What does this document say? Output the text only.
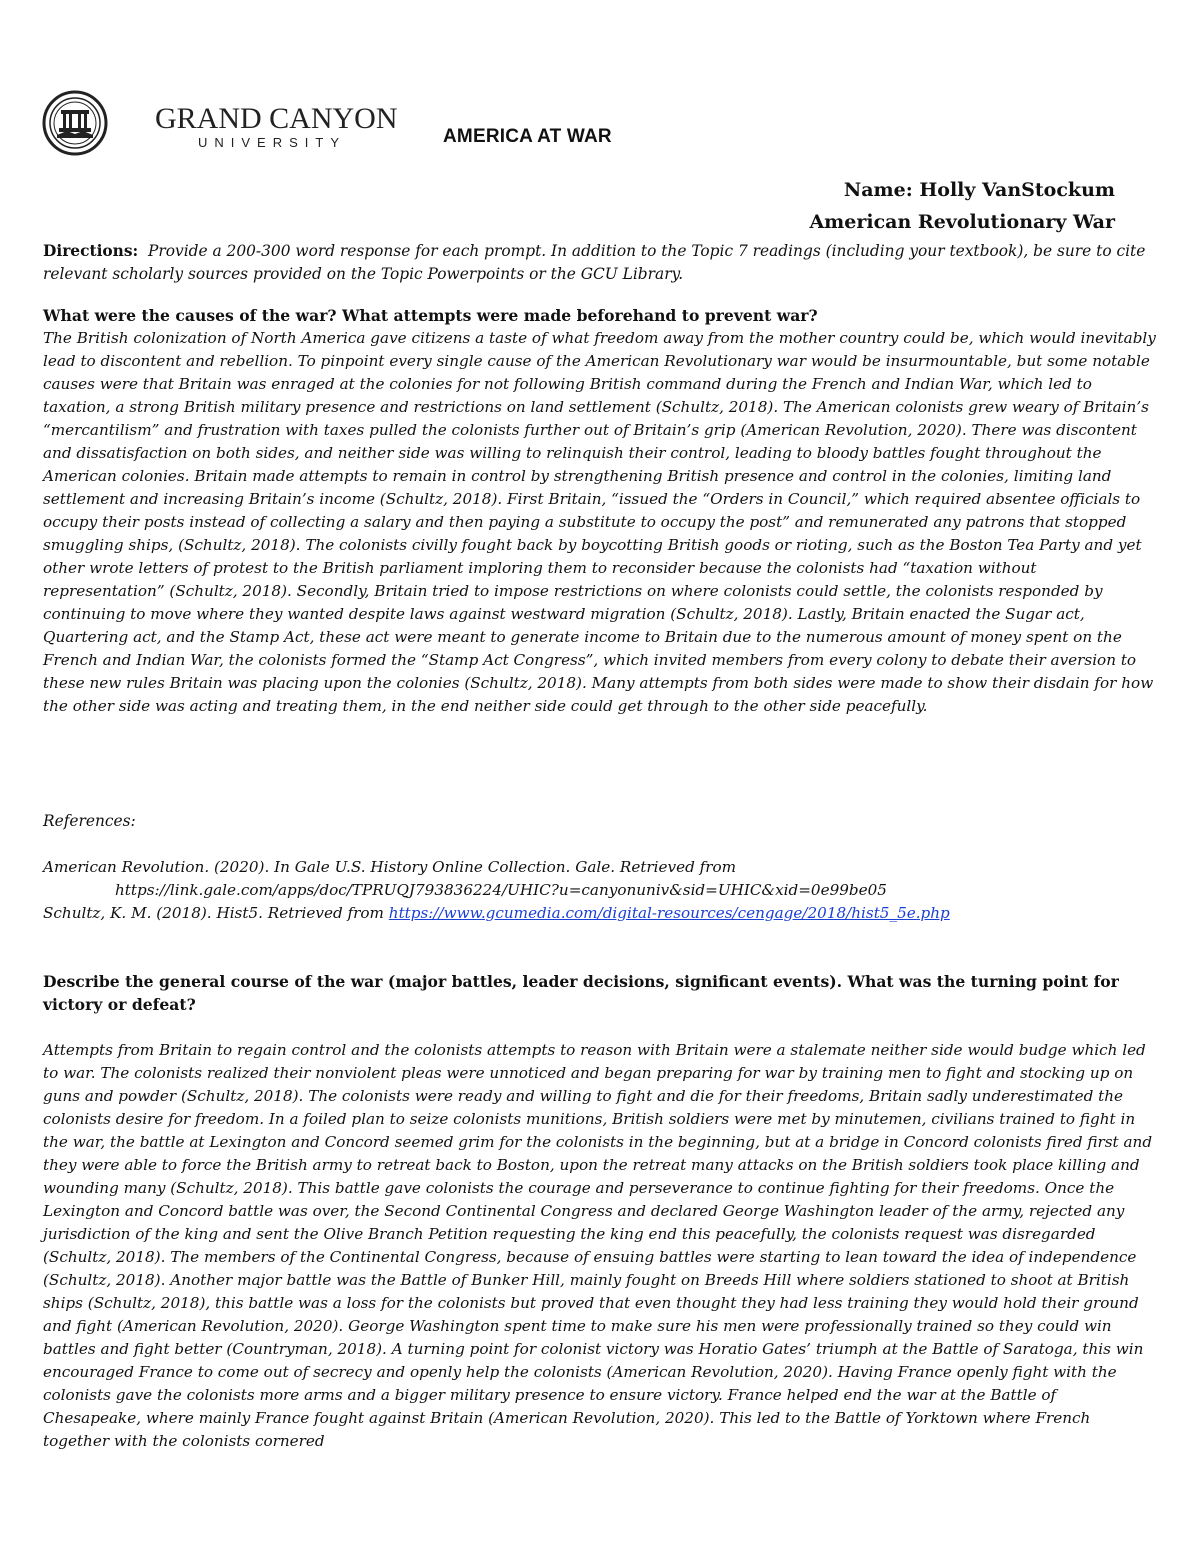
GRAND CANYON
UNIVERSITY	AMERICA AT WAR
Name: Holly VanStockum
American Revolutionary War
Directions: Provide a 200-300 word response for each prompt. In addition to the Topic 7 readings (including your textbook), be sure to cite relevant scholarly sources provided on the Topic Powerpoints or the GCU Library.
What were the causes of the war? What attempts were made beforehand to prevent war?
The British colonization of North America gave citizens a taste of what freedom away from the mother country could be, which would inevitably lead to discontent and rebellion. To pinpoint every single cause of the American Revolutionary war would be insurmountable, but some notable causes were that Britain was enraged at the colonies for not following British command during the French and Indian War, which led to taxation, a strong British military presence and restrictions on land settlement (Schultz, 2018). The American colonists grew weary of Britain’s “mercantilism” and frustration with taxes pulled the colonists further out of Britain’s grip (American Revolution, 2020). There was discontent and dissatisfaction on both sides, and neither side was willing to relinquish their control, leading to bloody battles fought throughout the American colonies. Britain made attempts to remain in control by strengthening British presence and control in the colonies, limiting land settlement and increasing Britain’s income (Schultz, 2018). First Britain, “issued the “Orders in Council,” which required absentee officials to occupy their posts instead of collecting a salary and then paying a substitute to occupy the post” and remunerated any patrons that stopped smuggling ships, (Schultz, 2018). The colonists civilly fought back by boycotting British goods or rioting, such as the Boston Tea Party and yet other wrote letters of protest to the British parliament imploring them to reconsider because the colonists had “taxation without representation” (Schultz, 2018). Secondly, Britain tried to impose restrictions on where colonists could settle, the colonists responded by continuing to move where they wanted despite laws against westward migration (Schultz, 2018). Lastly, Britain enacted the Sugar act, Quartering act, and the Stamp Act, these act were meant to generate income to Britain due to the numerous amount of money spent on the French and Indian War, the colonists formed the “Stamp Act Congress”, which invited members from every colony to debate their aversion to these new rules Britain was placing upon the colonies (Schultz, 2018). Many attempts from both sides were made to show their disdain for how the other side was acting and treating them, in the end neither side could get through to the other side peacefully.
References:
American Revolution. (2020). In Gale U.S. History Online Collection. Gale. Retrieved from
https://link.gale.com/apps/doc/TPRUQJ793836224/UHIC?u=canyonuniv&sid=UHIC&xid=0e99be05
Schultz, K. M. (2018). Hist5. Retrieved from https://www.gcumedia.com/digital-resources/cengage/2018/hist5_5e.php
Describe the general course of the war (major battles, leader decisions, significant events). What was the turning point for victory or defeat?
Attempts from Britain to regain control and the colonists attempts to reason with Britain were a stalemate neither side would budge which led to war. The colonists realized their nonviolent pleas were unnoticed and began preparing for war by training men to fight and stocking up on guns and powder (Schultz, 2018). The colonists were ready and willing to fight and die for their freedoms, Britain sadly underestimated the colonists desire for freedom. In a foiled plan to seize colonists munitions, British soldiers were met by minutemen, civilians trained to fight in the war, the battle at Lexington and Concord seemed grim for the colonists in the beginning, but at a bridge in Concord colonists fired first and they were able to force the British army to retreat back to Boston, upon the retreat many attacks on the British soldiers took place killing and wounding many (Schultz, 2018). This battle gave colonists the courage and perseverance to continue fighting for their freedoms. Once the Lexington and Concord battle was over, the Second Continental Congress and declared George Washington leader of the army, rejected any jurisdiction of the king and sent the Olive Branch Petition requesting the king end this peacefully, the colonists request was disregarded (Schultz, 2018). The members of the Continental Congress, because of ensuing battles were starting to lean toward the idea of independence (Schultz, 2018). Another major battle was the Battle of Bunker Hill, mainly fought on Breeds Hill where soldiers stationed to shoot at British ships (Schultz, 2018), this battle was a loss for the colonists but proved that even thought they had less training they would hold their ground and fight (American Revolution, 2020). George Washington spent time to make sure his men were professionally trained so they could win battles and fight better (Countryman, 2018). A turning point for colonist victory was Horatio Gates’ triumph at the Battle of Saratoga, this win encouraged France to come out of secrecy and openly help the colonists (American Revolution, 2020). Having France openly fight with the colonists gave the colonists more arms and a bigger military presence to ensure victory. France helped end the war at the Battle of Chesapeake, where mainly France fought against Britain (American Revolution, 2020). This led to the Battle of Yorktown where French together with the colonists cornered
